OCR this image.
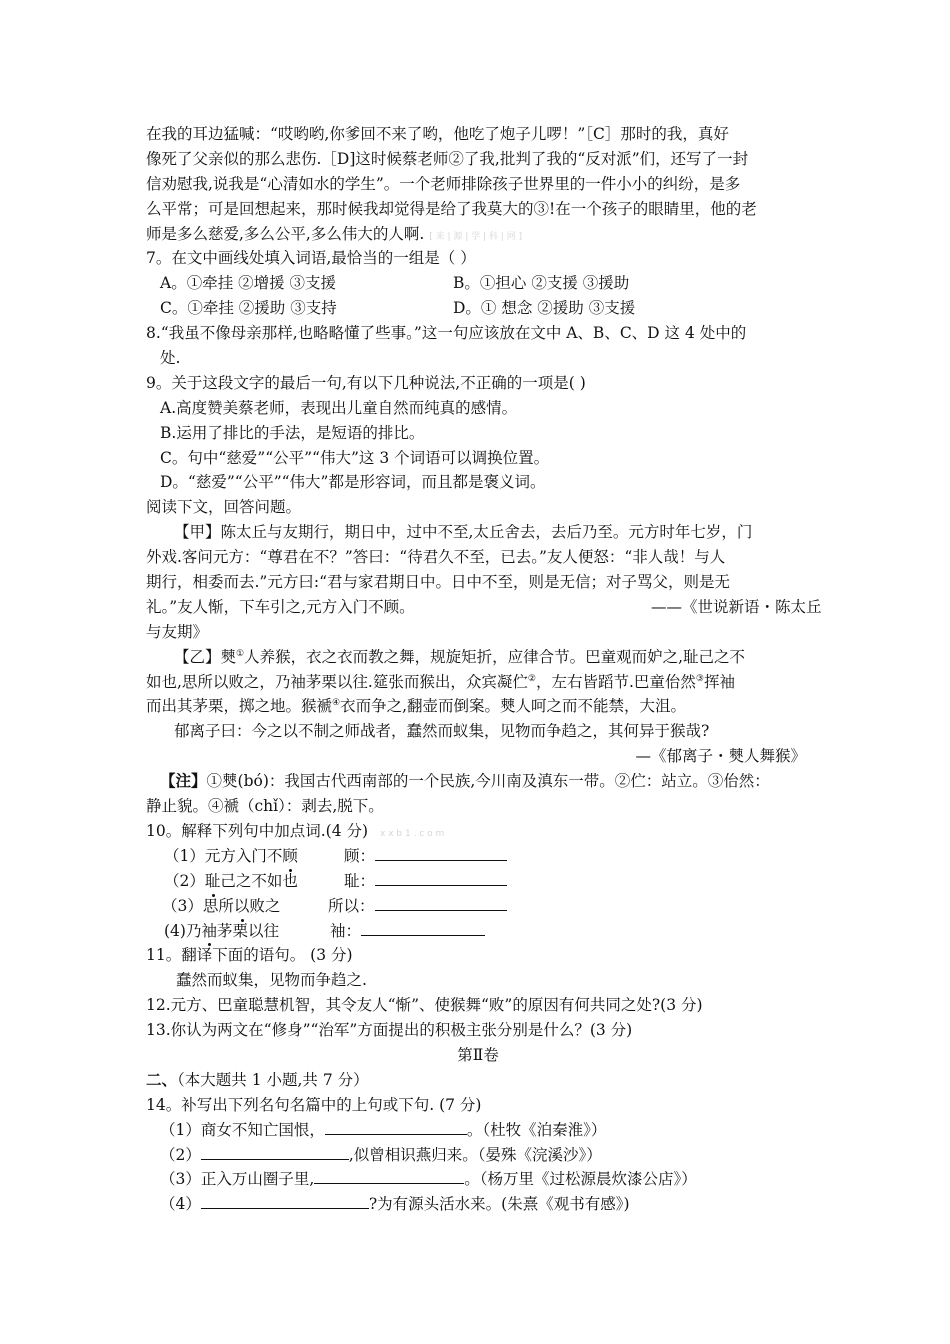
在我的耳边猛喊：“哎哟哟,你爹回不来了哟，他吃了炮子儿啰！”［C］那时的我，真好
像死了父亲似的那么悲伤.［D]这时候蔡老师②了我,批判了我的“反对派”们，还写了一封
信劝慰我,说我是“心清如水的学生”。一个老师排除孩子世界里的一件小小的纠纷，是多
么平常；可是回想起来，那时候我却觉得是给了我莫大的③!在一个孩子的眼睛里，他的老
师是多么慈爱,多么公平,多么伟大的人啊. [ 来 | 源 | 学 | 科 | 网 ]
7。在文中画线处填入词语,最恰当的一组是（ ）
A。①牵挂 ②增援 ③支援	B。①担心 ②支援 ③援助
C。①牵挂 ②援助 ③支持	D。① 想念 ②援助 ③支援
8.“我虽不像母亲那样,也略略懂了些事。”这一句应该放在文中 A、B、C、D 这 4 处中的
处.
9。关于这段文字的最后一句,有以下几种说法,不正确的一项是( )
A.高度赞美蔡老师，表现出儿童自然而纯真的感情。
B.运用了排比的手法，是短语的排比。
C。句中“慈爱”“公平”“伟大”这 3 个词语可以调换位置。
D。“慈爱”“公平”“伟大”都是形容词，而且都是褒义词。
阅读下文，回答问题。
【甲】陈太丘与友期行，期日中，过中不至,太丘舍去，去后乃至。元方时年七岁，门
外戏.客问元方：“尊君在不？”答曰：“待君久不至，已去。”友人便怒：“非人哉！与人
期行，相委而去.”元方曰:“君与家君期日中。日中不至，则是无信；对子骂父，则是无
礼。”友人惭，下车引之,元方入门不顾。	——《世说新语・陈太丘
与友期》
【乙】僰①人养猴，衣之衣而教之舞，规旋矩折，应律合节。巴童观而妒之,耻己之不
如也,思所以败之，乃袖茅栗以往.筵张而猴出，众宾凝伫②，左右皆蹈节.巴童佁然③挥袖
而出其茅栗，掷之地。猴褫④衣而争之,翻壶而倒案。僰人呵之而不能禁，大沮。
郁离子曰：今之以不制之师战者，蠢然而蚁集，见物而争趋之，其何异于猴哉?
—《郁离子・僰人舞猴》
【注】①僰(bó)：我国古代西南部的一个民族,今川南及滇东一带。②伫：站立。③佁然：
静止貌。④褫（chǐ）：剥去,脱下。
10。解释下列句中加点词.(4 分) x x b 1 . c o m
（1）元方入门不顾	顾：
（2）耻己之不如也	耻：
（3）思所以败之	所以：
(4)乃袖茅栗以往	袖：
11。翻译下面的语句。 (3 分)
蠢然而蚁集，见物而争趋之.
12.元方、巴童聪慧机智，其令友人“惭”、使猴舞“败”的原因有何共同之处?(3 分)
13.你认为两文在“修身”“治军”方面提出的积极主张分别是什么？(3 分)
第Ⅱ卷
二、（本大题共 1 小题,共 7 分）
14。补写出下列名句名篇中的上句或下句. (7 分)
（1）商女不知亡国恨，	。（杜牧《泊秦淮》）
（2）	,似曾相识燕归来。（晏殊《浣溪沙》）
（3）正入万山圈子里,	。（杨万里《过松源晨炊漆公店》）
（4）	?为有源头活水来。(朱熹《观书有感》)
